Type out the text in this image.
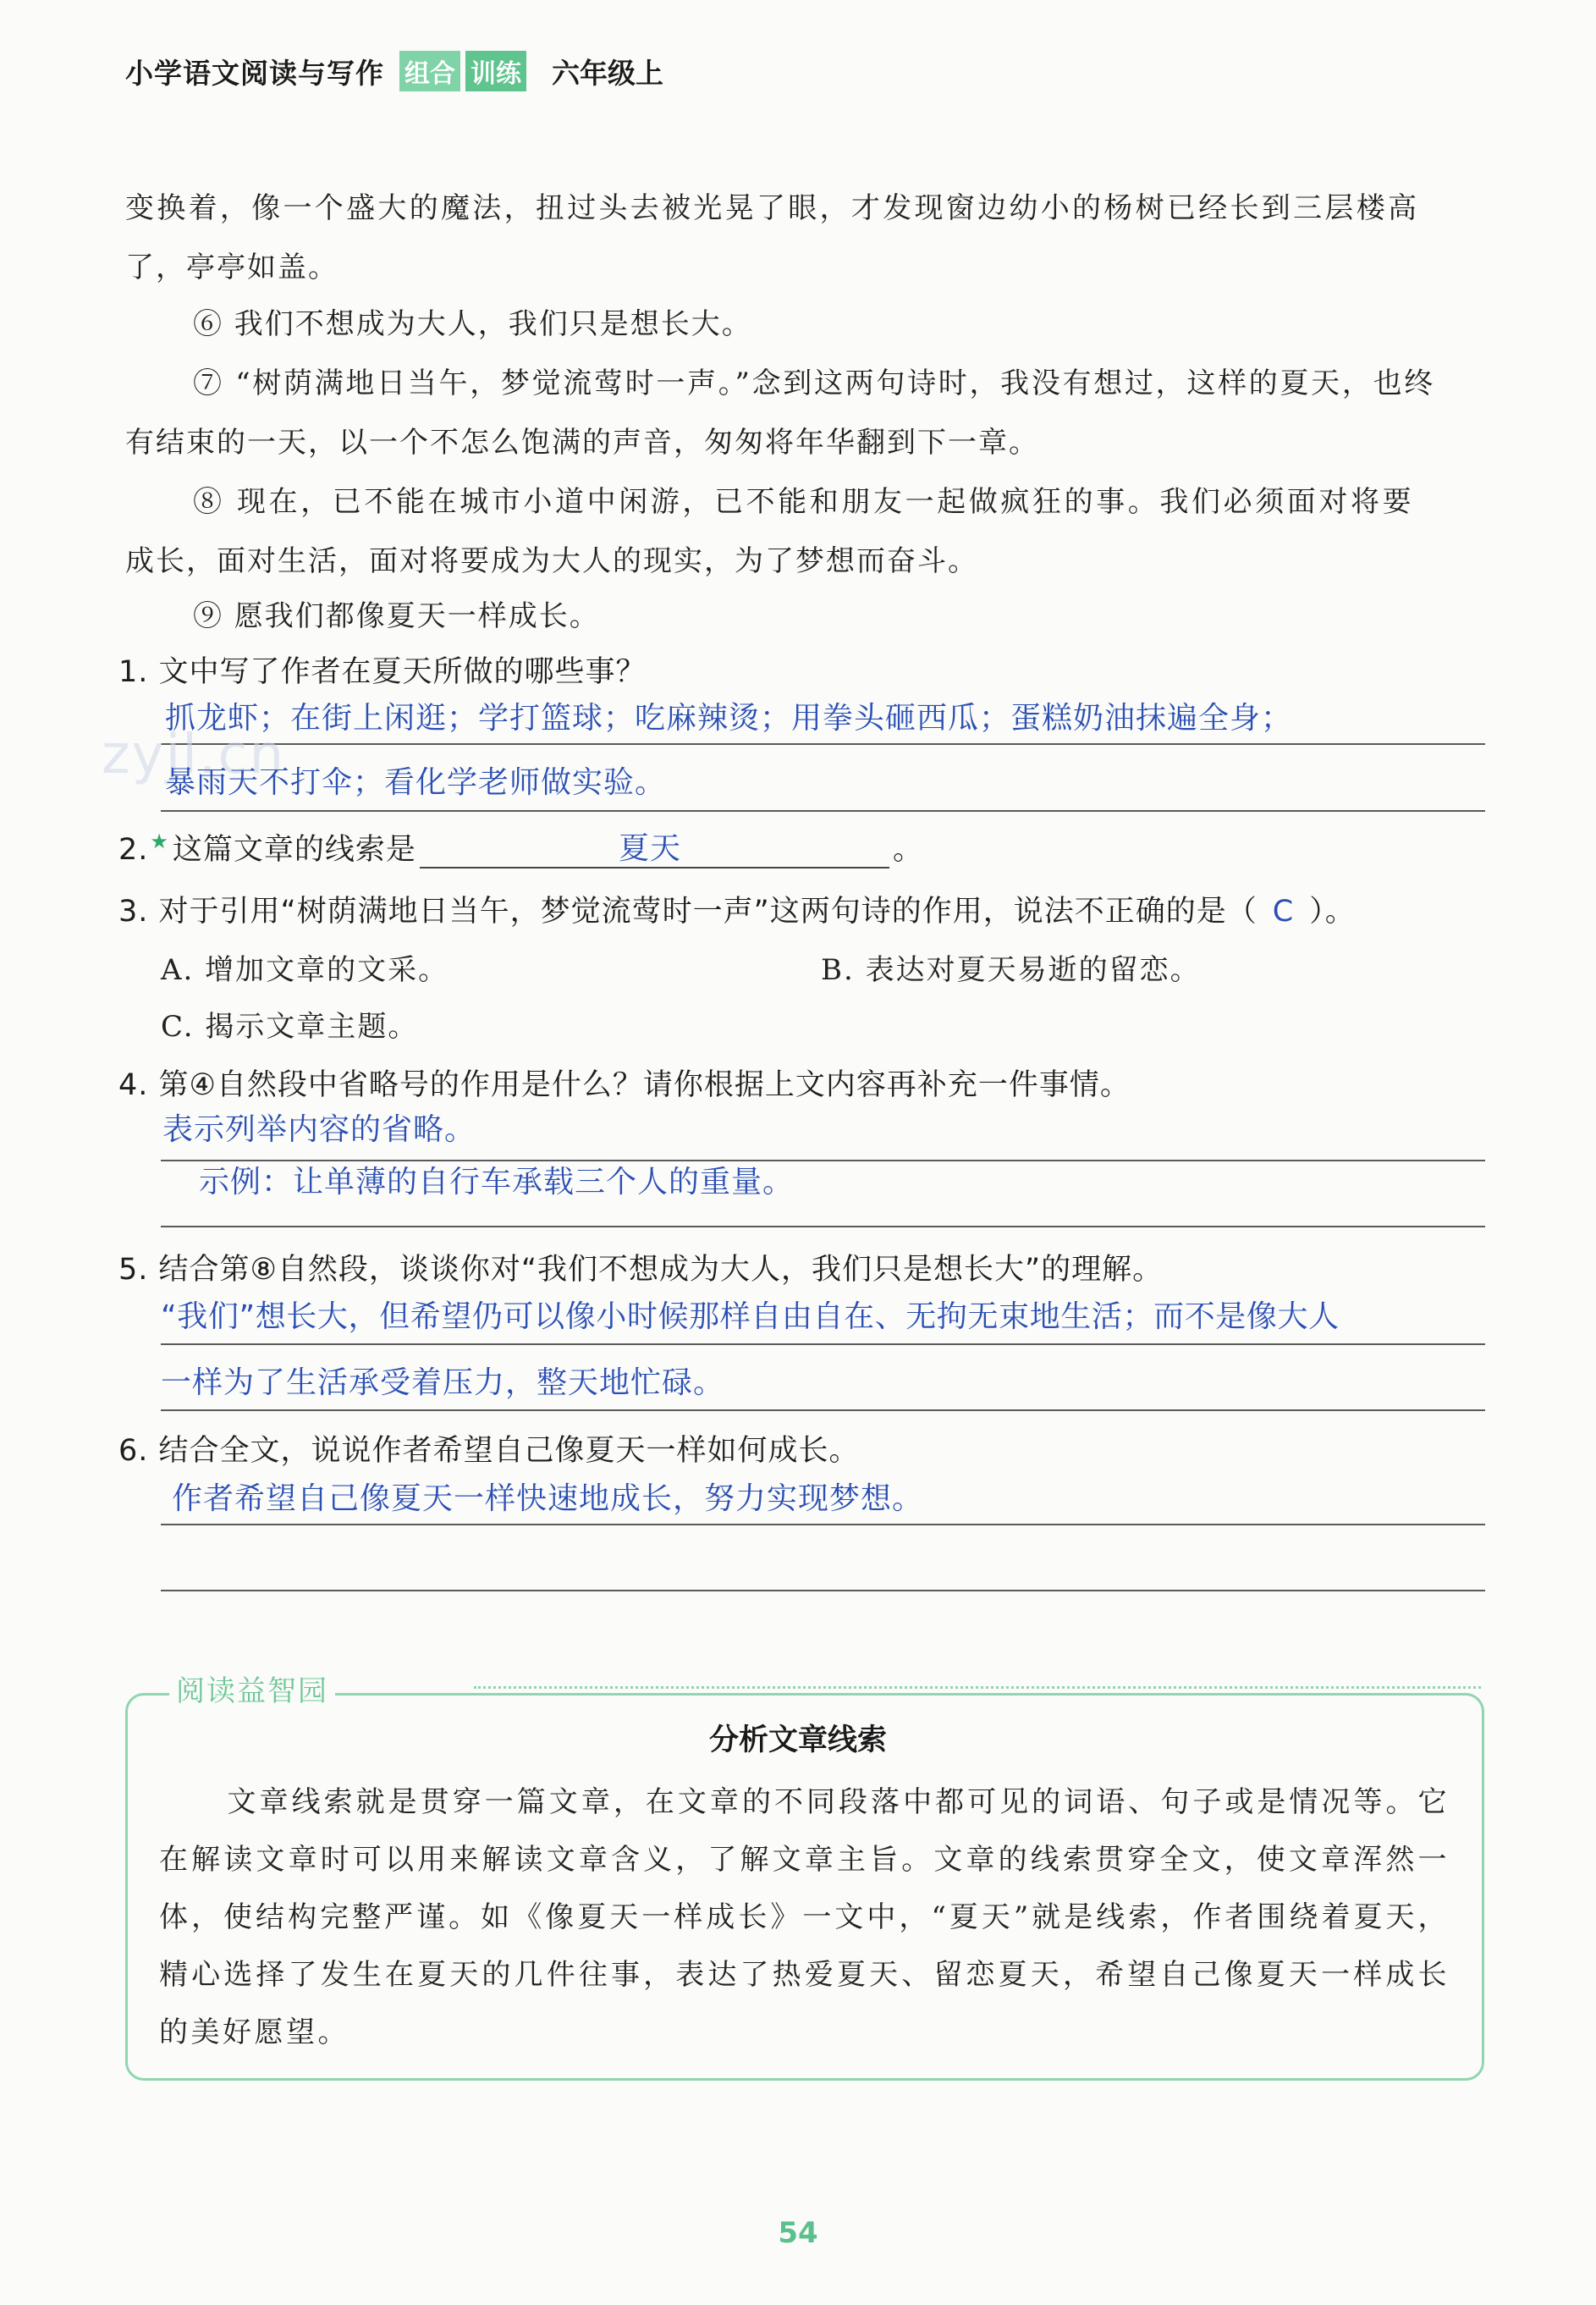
小学语文阅读与写作 组合 训练 六年级上
变换着，像一个盛大的魔法，扭过头去被光晃了眼，才发现窗边幼小的杨树已经长到三层楼高
了，亭亭如盖。
⑥ 我们不想成为大人，我们只是想长大。
⑦ “树荫满地日当午，梦觉流莺时一声。”念到这两句诗时，我没有想过，这样的夏天，也终
有结束的一天，以一个不怎么饱满的声音，匆匆将年华翻到下一章。
⑧ 现在，已不能在城市小道中闲游，已不能和朋友一起做疯狂的事。我们必须面对将要
成长，面对生活，面对将要成为大人的现实，为了梦想而奋斗。
⑨ 愿我们都像夏天一样成长。
1. 文中写了作者在夏天所做的哪些事？
抓龙虾；在街上闲逛；学打篮球；吃麻辣烫；用拳头砸西瓜；蛋糕奶油抹遍全身；
zyjl.cn
暴雨天不打伞；看化学老师做实验。
2.★ 这篇文章的线索是	夏天	。
3. 对于引用“树荫满地日当午，梦觉流莺时一声”这两句诗的作用，说法不正确的是（ C ）。
A. 增加文章的文采。	B. 表达对夏天易逝的留恋。
C. 揭示文章主题。
4. 第④自然段中省略号的作用是什么？请你根据上文内容再补充一件事情。
表示列举内容的省略。
示例：让单薄的自行车承载三个人的重量。
5. 结合第⑧自然段，谈谈你对“我们不想成为大人，我们只是想长大”的理解。
“我们”想长大，但希望仍可以像小时候那样自由自在、无拘无束地生活；而不是像大人
一样为了生活承受着压力，整天地忙碌。
6. 结合全文，说说作者希望自己像夏天一样如何成长。
作者希望自己像夏天一样快速地成长，努力实现梦想。
阅读益智园
分析文章线索
文章线索就是贯穿一篇文章，在文章的不同段落中都可见的词语、句子或是情况等。它在解读文章时可以用来解读文章含义，了解文章主旨。文章的线索贯穿全文，使文章浑然一体，使结构完整严谨。如《像夏天一样成长》一文中，“夏天”就是线索，作者围绕着夏天，精心选择了发生在夏天的几件往事，表达了热爱夏天、留恋夏天，希望自己像夏天一样成长的美好愿望。
54
